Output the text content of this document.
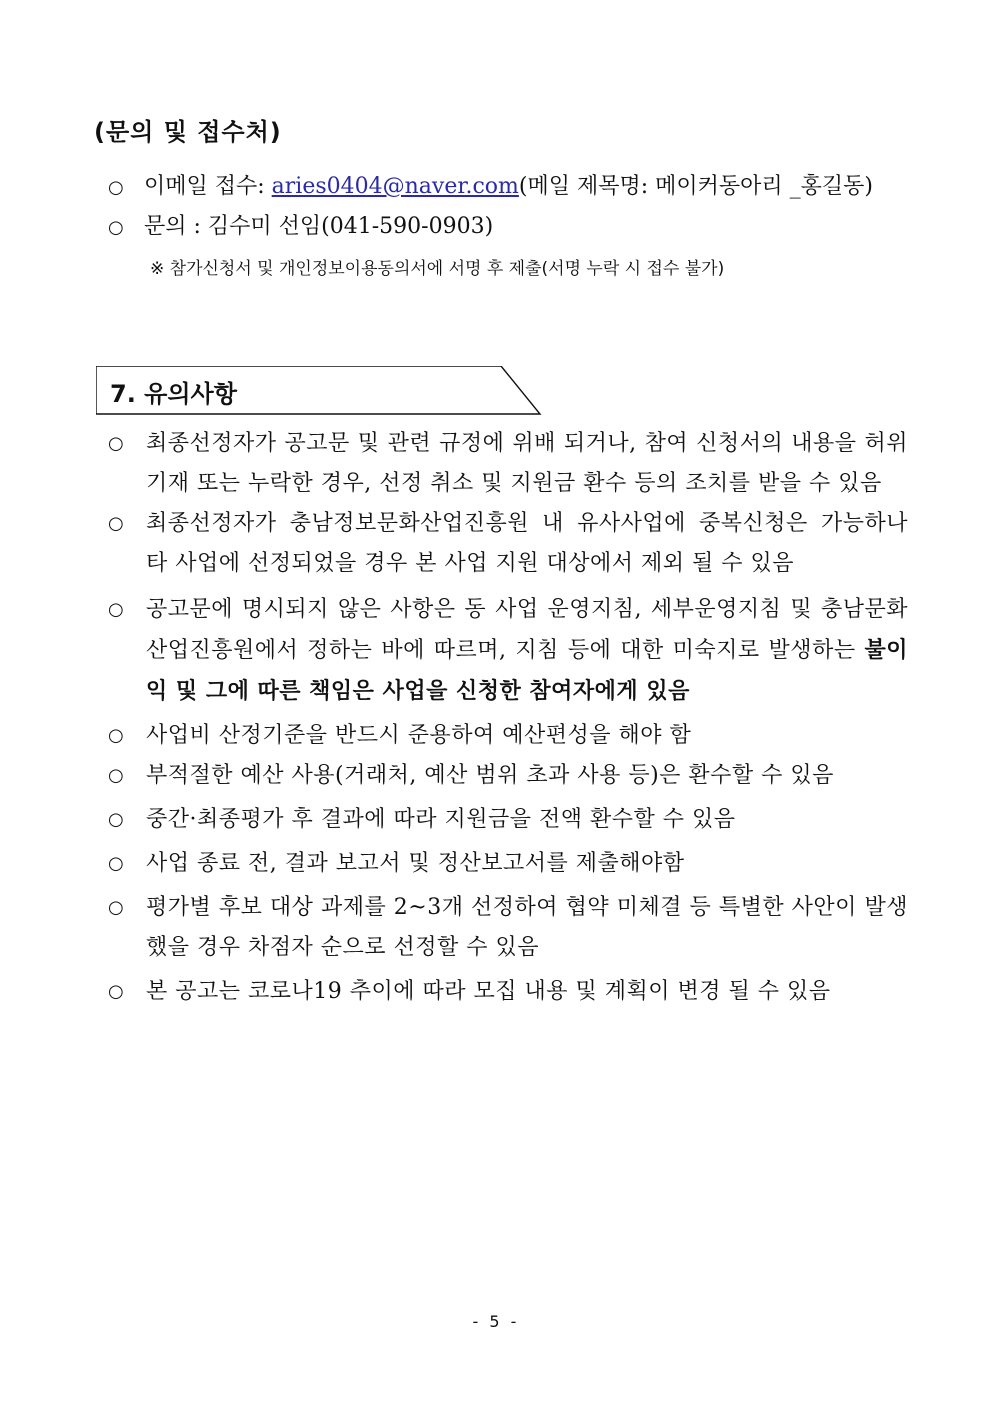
(문의 및 접수처)
○ 이메일 접수: aries0404@naver.com(메일 제목명: 메이커동아리 _홍길동)
○ 문의 : 김수미 선임(041-590-0903)
※ 참가신청서 및 개인정보이용동의서에 서명 후 제출(서명 누락 시 접수 불가)
7. 유의사항
○	최종선정자가 공고문 및 관련 규정에 위배 되거나, 참여 신청서의 내용을 허위 기재 또는 누락한 경우, 선정 취소 및 지원금 환수 등의 조치를 받을 수 있음
○	최종선정자가 충남정보문화산업진흥원 내 유사사업에 중복신청은 가능하나 타 사업에 선정되었을 경우 본 사업 지원 대상에서 제외 될 수 있음
○	공고문에 명시되지 않은 사항은 동 사업 운영지침, 세부운영지침 및 충남문화산업진흥원에서 정하는 바에 따르며, 지침 등에 대한 미숙지로 발생하는 불이익 및 그에 따른 책임은 사업을 신청한 참여자에게 있음
○	사업비 산정기준을 반드시 준용하여 예산편성을 해야 함
○	부적절한 예산 사용(거래처, 예산 범위 초과 사용 등)은 환수할 수 있음
○	중간·최종평가 후 결과에 따라 지원금을 전액 환수할 수 있음
○	사업 종료 전, 결과 보고서 및 정산보고서를 제출해야함
○	평가별 후보 대상 과제를 2~3개 선정하여 협약 미체결 등 특별한 사안이 발생했을 경우 차점자 순으로 선정할 수 있음
○	본 공고는 코로나19 추이에 따라 모집 내용 및 계획이 변경 될 수 있음
- 5 -
